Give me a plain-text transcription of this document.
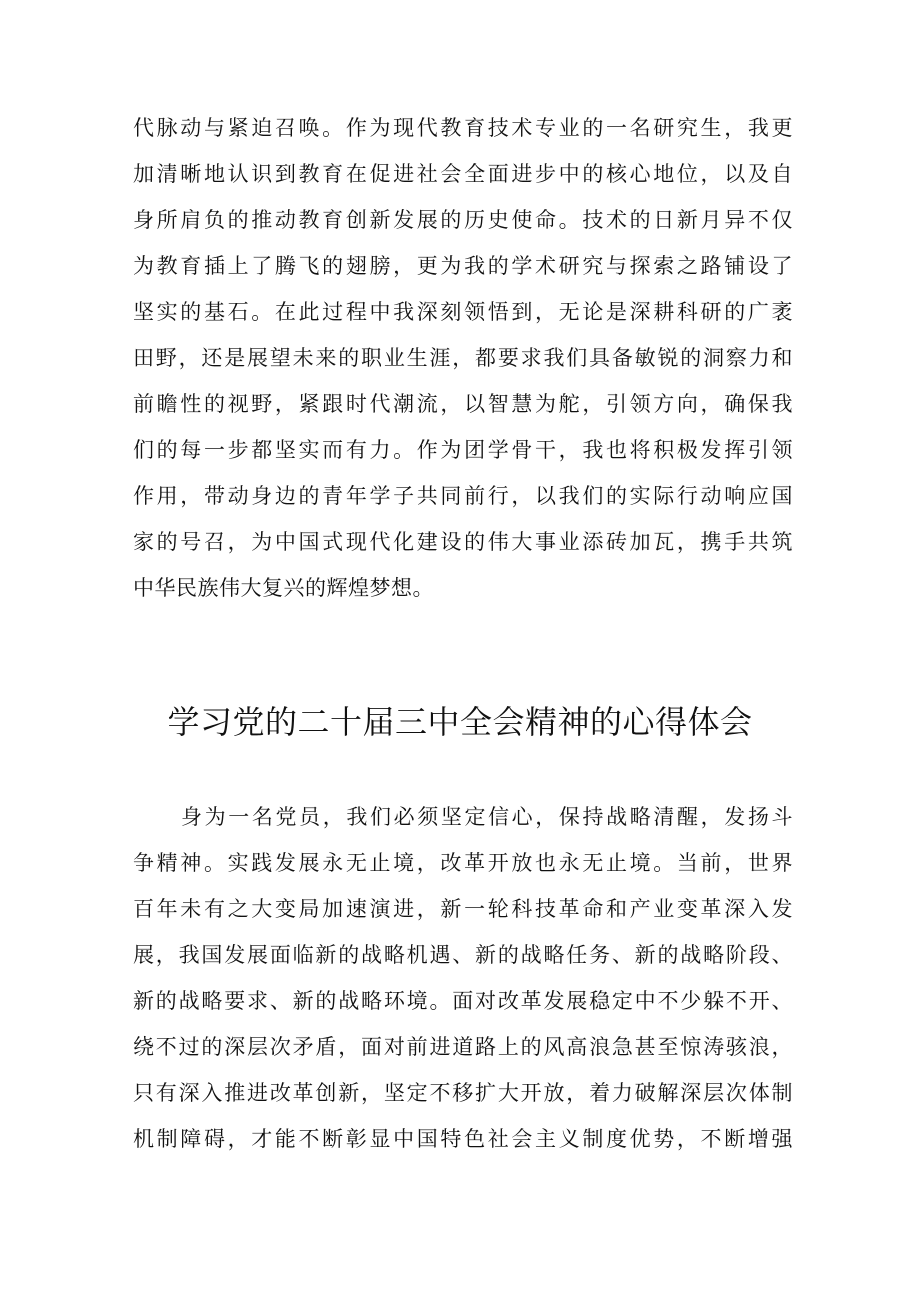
代脉动与紧迫召唤。作为现代教育技术专业的一名研究生，我更
加清晰地认识到教育在促进社会全面进步中的核心地位，以及自
身所肩负的推动教育创新发展的历史使命。技术的日新月异不仅
为教育插上了腾飞的翅膀，更为我的学术研究与探索之路铺设了
坚实的基石。在此过程中我深刻领悟到，无论是深耕科研的广袤
田野，还是展望未来的职业生涯，都要求我们具备敏锐的洞察力和
前瞻性的视野，紧跟时代潮流，以智慧为舵，引领方向，确保我
们的每一步都坚实而有力。作为团学骨干，我也将积极发挥引领
作用，带动身边的青年学子共同前行，以我们的实际行动响应国
家的号召，为中国式现代化建设的伟大事业添砖加瓦，携手共筑
中华民族伟大复兴的辉煌梦想。
学习党的二十届三中全会精神的心得体会
身为一名党员，我们必须坚定信心，保持战略清醒，发扬斗
争精神。实践发展永无止境，改革开放也永无止境。当前，世界
百年未有之大变局加速演进，新一轮科技革命和产业变革深入发
展，我国发展面临新的战略机遇、新的战略任务、新的战略阶段、
新的战略要求、新的战略环境。面对改革发展稳定中不少躲不开、
绕不过的深层次矛盾，面对前进道路上的风高浪急甚至惊涛骇浪，
只有深入推进改革创新，坚定不移扩大开放，着力破解深层次体制
机制障碍，才能不断彰显中国特色社会主义制度优势，不断增强
